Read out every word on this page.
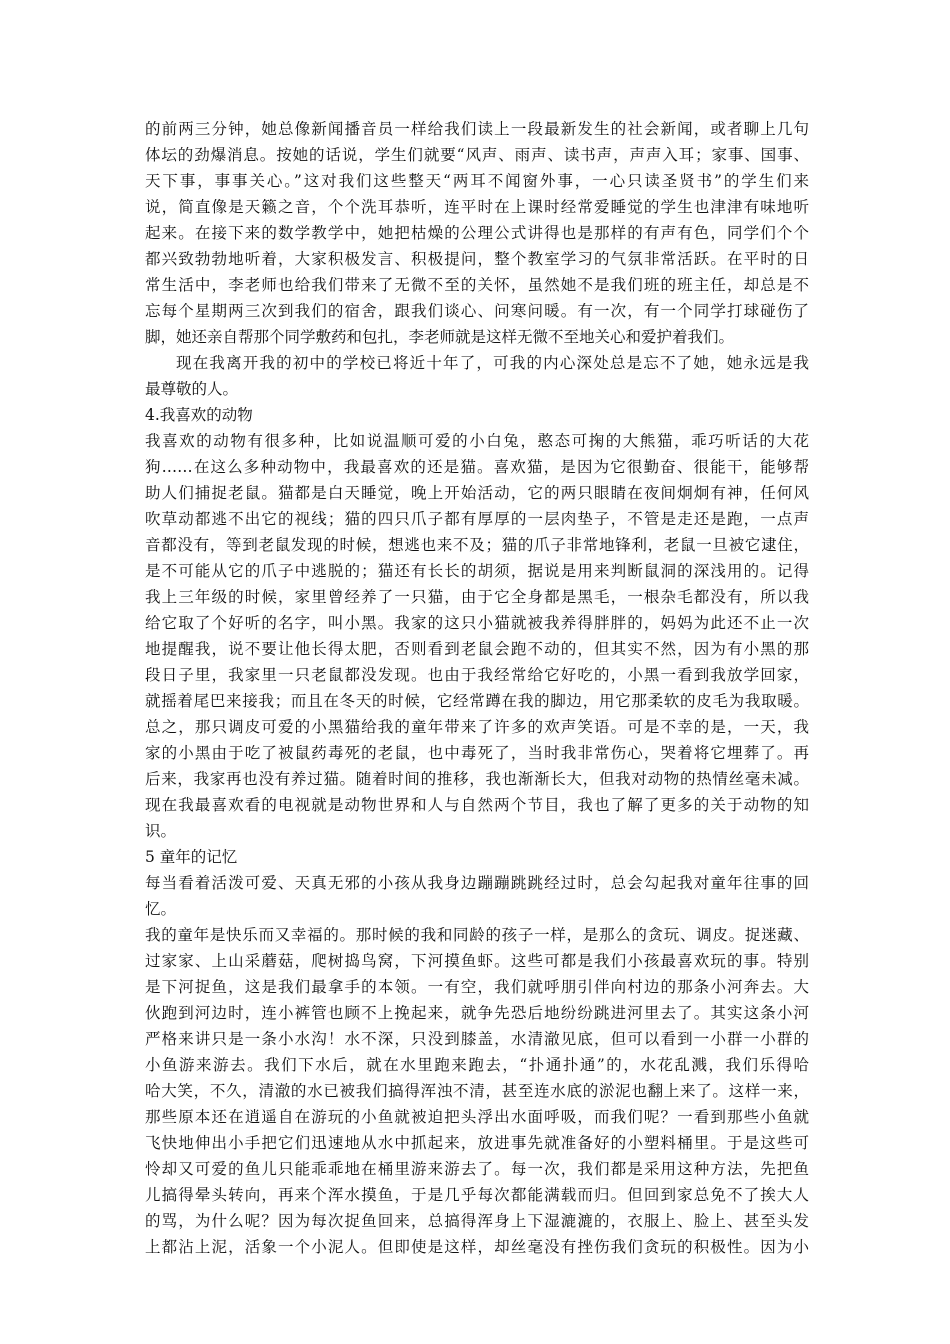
的前两三分钟，她总像新闻播音员一样给我们读上一段最新发生的社会新闻，或者聊上几句
体坛的劲爆消息。按她的话说，学生们就要“风声、雨声、读书声，声声入耳；家事、国事、
天下事，事事关心。”这对我们这些整天“两耳不闻窗外事，一心只读圣贤书”的学生们来
说，简直像是天籁之音，个个洗耳恭听，连平时在上课时经常爱睡觉的学生也津津有味地听
起来。在接下来的数学教学中，她把枯燥的公理公式讲得也是那样的有声有色，同学们个个
都兴致勃勃地听着，大家积极发言、积极提问，整个教室学习的气氛非常活跃。在平时的日
常生活中，李老师也给我们带来了无微不至的关怀，虽然她不是我们班的班主任，却总是不
忘每个星期两三次到我们的宿舍，跟我们谈心、问寒问暖。有一次，有一个同学打球碰伤了
脚，她还亲自帮那个同学敷药和包扎，李老师就是这样无微不至地关心和爱护着我们。
现在我离开我的初中的学校已将近十年了，可我的内心深处总是忘不了她，她永远是我
最尊敬的人。
4.我喜欢的动物
我喜欢的动物有很多种，比如说温顺可爱的小白兔，憨态可掬的大熊猫，乖巧听话的大花
狗……在这么多种动物中，我最喜欢的还是猫。喜欢猫，是因为它很勤奋、很能干，能够帮
助人们捕捉老鼠。猫都是白天睡觉，晚上开始活动，它的两只眼睛在夜间炯炯有神，任何风
吹草动都逃不出它的视线；猫的四只爪子都有厚厚的一层肉垫子，不管是走还是跑，一点声
音都没有，等到老鼠发现的时候，想逃也来不及；猫的爪子非常地锋利，老鼠一旦被它逮住，
是不可能从它的爪子中逃脱的；猫还有长长的胡须，据说是用来判断鼠洞的深浅用的。记得
我上三年级的时候，家里曾经养了一只猫，由于它全身都是黑毛，一根杂毛都没有，所以我
给它取了个好听的名字，叫小黑。我家的这只小猫就被我养得胖胖的，妈妈为此还不止一次
地提醒我，说不要让他长得太肥，否则看到老鼠会跑不动的，但其实不然，因为有小黑的那
段日子里，我家里一只老鼠都没发现。也由于我经常给它好吃的，小黑一看到我放学回家，
就摇着尾巴来接我；而且在冬天的时候，它经常蹲在我的脚边，用它那柔软的皮毛为我取暖。
总之，那只调皮可爱的小黑猫给我的童年带来了许多的欢声笑语。可是不幸的是，一天，我
家的小黑由于吃了被鼠药毒死的老鼠，也中毒死了，当时我非常伤心，哭着将它埋葬了。再
后来，我家再也没有养过猫。随着时间的推移，我也渐渐长大，但我对动物的热情丝毫未减。
现在我最喜欢看的电视就是动物世界和人与自然两个节目，我也了解了更多的关于动物的知
识。
5 童年的记忆
每当看着活泼可爱、天真无邪的小孩从我身边蹦蹦跳跳经过时，总会勾起我对童年往事的回
忆。
我的童年是快乐而又幸福的。那时候的我和同龄的孩子一样，是那么的贪玩、调皮。捉迷藏、
过家家、上山采蘑菇，爬树捣鸟窝，下河摸鱼虾。这些可都是我们小孩最喜欢玩的事。特别
是下河捉鱼，这是我们最拿手的本领。一有空，我们就呼朋引伴向村边的那条小河奔去。大
伙跑到河边时，连小裤管也顾不上挽起来，就争先恐后地纷纷跳进河里去了。其实这条小河
严格来讲只是一条小水沟！水不深，只没到膝盖，水清澈见底，但可以看到一小群一小群的
小鱼游来游去。我们下水后，就在水里跑来跑去，“扑通扑通”的，水花乱溅，我们乐得哈
哈大笑，不久，清澈的水已被我们搞得浑浊不清，甚至连水底的淤泥也翻上来了。这样一来，
那些原本还在逍遥自在游玩的小鱼就被迫把头浮出水面呼吸，而我们呢？一看到那些小鱼就
飞快地伸出小手把它们迅速地从水中抓起来，放进事先就准备好的小塑料桶里。于是这些可
怜却又可爱的鱼儿只能乖乖地在桶里游来游去了。每一次，我们都是采用这种方法，先把鱼
儿搞得晕头转向，再来个浑水摸鱼，于是几乎每次都能满载而归。但回到家总免不了挨大人
的骂，为什么呢？因为每次捉鱼回来，总搞得浑身上下湿漉漉的，衣服上、脸上、甚至头发
上都沾上泥，活象一个小泥人。但即使是这样，却丝毫没有挫伤我们贪玩的积极性。因为小
